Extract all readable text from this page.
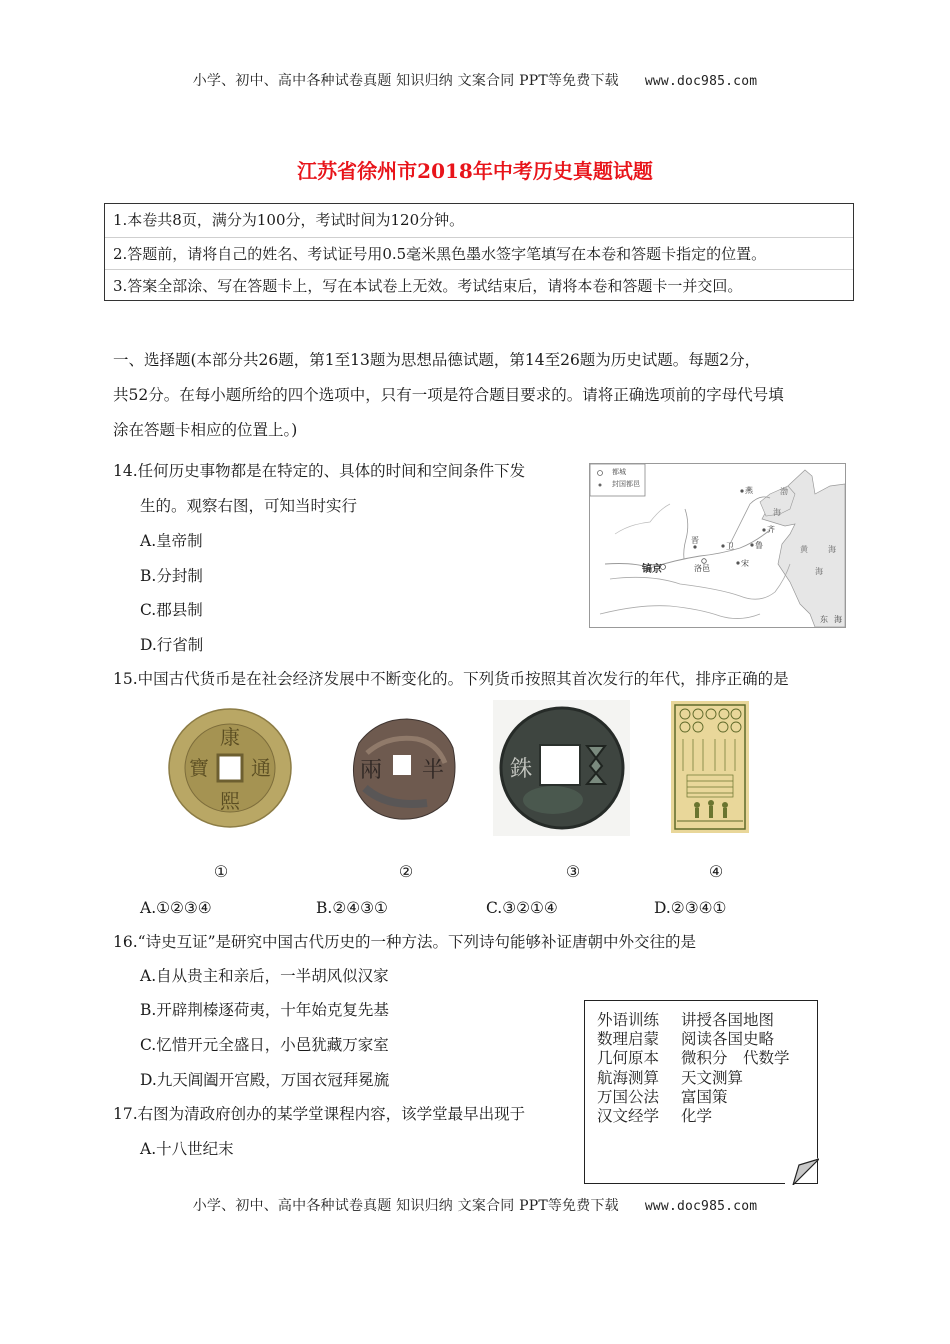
小学、初中、高中各种试卷真题 知识归纳 文案合同 PPT等免费下载 www.doc985.com
江苏省徐州市2018年中考历史真题试题
1.本卷共8页，满分为100分，考试时间为120分钟。
2.答题前，请将自己的姓名、考试证号用0.5毫米黑色墨水签字笔填写在本卷和答题卡指定的位置。
3.答案全部涂、写在答题卡上，写在本试卷上无效。考试结束后，请将本卷和答题卡一并交回。
一、选择题(本部分共26题，第1至13题为思想品德试题，第14至26题为历史试题。每题2分，
共52分。在每小题所给的四个选项中，只有一项是符合题目要求的。请将正确选项前的字母代号填
涂在答题卡相应的位置上。)
14.任何历史事物都是在特定的、具体的时间和空间条件下发
生的。观察右图，可知当时实行
A.皇帝制
B.分封制
C.郡县制
D.行省制
都城
封国都邑
镐京	洛邑
燕
齐
晋
卫	鲁
宋
渤
海
黄	海
海
东 海
15.中国古代货币是在社会经济发展中不断变化的。下列货币按照其首次发行的年代，排序正确的是
康
熙
通
寶	兩 半	銖
①	②	③	④
A.①②③④	B.②④③①	C.③②①④	D.②③④①
16.“诗史互证”是研究中国古代历史的一种方法。下列诗句能够补证唐朝中外交往的是
A.自从贵主和亲后，一半胡风似汉家
B.开辟荆榛逐荷夷，十年始克复先基
C.忆惜开元全盛日，小邑犹藏万家室
D.九天阊阖开宫殿，万国衣冠拜冕旒
17.右图为清政府创办的某学堂课程内容，该学堂最早出现于
A.十八世纪末
外语训练 讲授各国地图
数理启蒙 阅读各国史略
几何原本 微积分　代数学
航海测算 天文测算
万国公法 富国策
汉文经学 化学
小学、初中、高中各种试卷真题 知识归纳 文案合同 PPT等免费下载 www.doc985.com
